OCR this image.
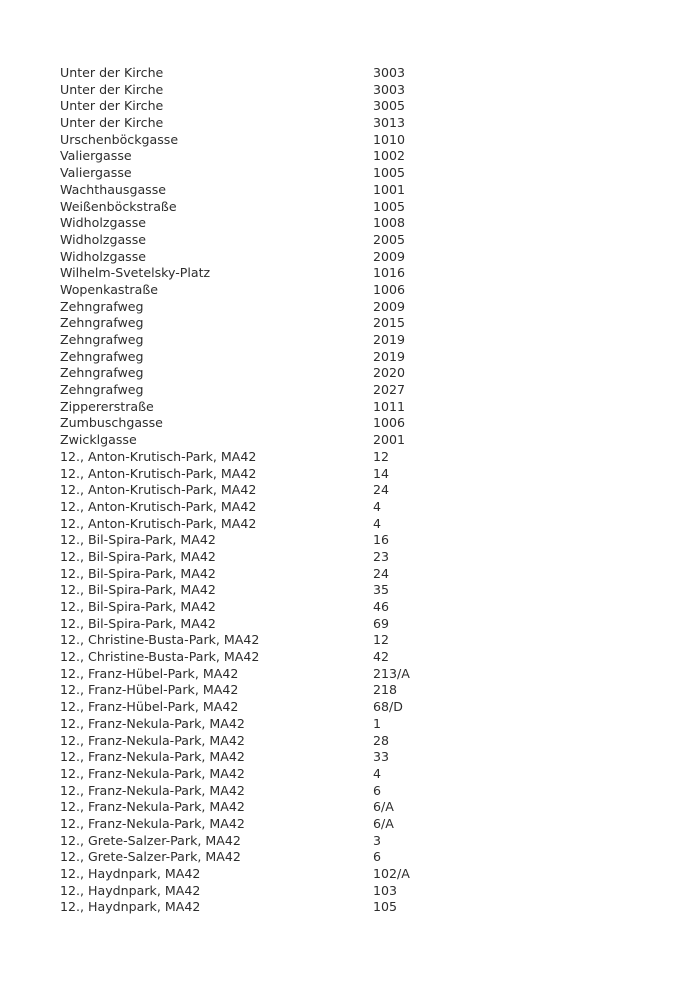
Unter der Kirche	3003
Unter der Kirche	3003
Unter der Kirche	3005
Unter der Kirche	3013
Urschenböckgasse	1010
Valiergasse	1002
Valiergasse	1005
Wachthausgasse	1001
Weißenböckstraße	1005
Widholzgasse	1008
Widholzgasse	2005
Widholzgasse	2009
Wilhelm-Svetelsky-Platz	1016
Wopenkastraße	1006
Zehngrafweg	2009
Zehngrafweg	2015
Zehngrafweg	2019
Zehngrafweg	2019
Zehngrafweg	2020
Zehngrafweg	2027
Zippererstraße	1011
Zumbuschgasse	1006
Zwicklgasse	2001
12., Anton-Krutisch-Park, MA42	12
12., Anton-Krutisch-Park, MA42	14
12., Anton-Krutisch-Park, MA42	24
12., Anton-Krutisch-Park, MA42	4
12., Anton-Krutisch-Park, MA42	4
12., Bil-Spira-Park, MA42	16
12., Bil-Spira-Park, MA42	23
12., Bil-Spira-Park, MA42	24
12., Bil-Spira-Park, MA42	35
12., Bil-Spira-Park, MA42	46
12., Bil-Spira-Park, MA42	69
12., Christine-Busta-Park, MA42	12
12., Christine-Busta-Park, MA42	42
12., Franz-Hübel-Park, MA42	213/A
12., Franz-Hübel-Park, MA42	218
12., Franz-Hübel-Park, MA42	68/D
12., Franz-Nekula-Park, MA42	1
12., Franz-Nekula-Park, MA42	28
12., Franz-Nekula-Park, MA42	33
12., Franz-Nekula-Park, MA42	4
12., Franz-Nekula-Park, MA42	6
12., Franz-Nekula-Park, MA42	6/A
12., Franz-Nekula-Park, MA42	6/A
12., Grete-Salzer-Park, MA42	3
12., Grete-Salzer-Park, MA42	6
12., Haydnpark, MA42	102/A
12., Haydnpark, MA42	103
12., Haydnpark, MA42	105
